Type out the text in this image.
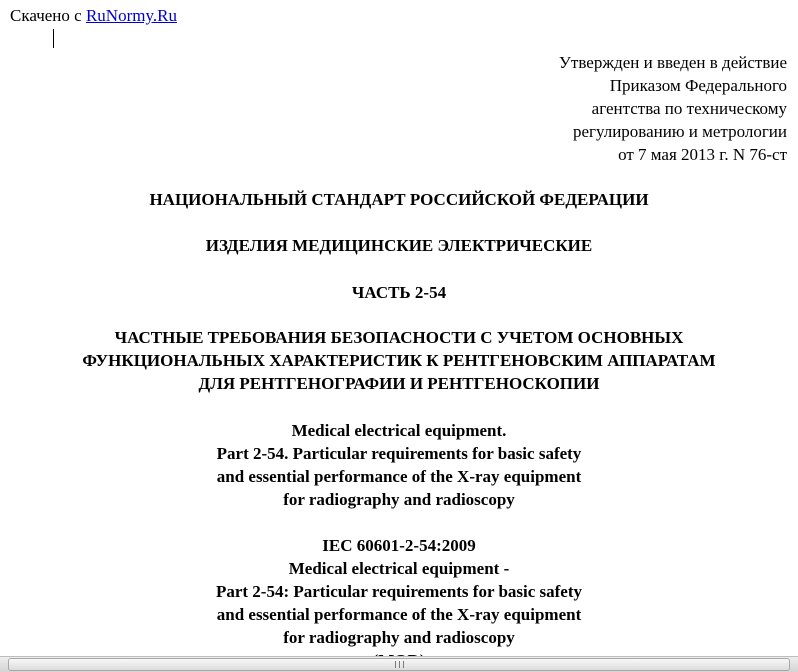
Скачено с RuNormy.Ru
Утвержден и введен в действие
Приказом Федерального
агентства по техническому
регулированию и метрологии
от 7 мая 2013 г. N 76-ст
НАЦИОНАЛЬНЫЙ СТАНДАРТ РОССИЙСКОЙ ФЕДЕРАЦИИ
ИЗДЕЛИЯ МЕДИЦИНСКИЕ ЭЛЕКТРИЧЕСКИЕ
ЧАСТЬ 2-54
ЧАСТНЫЕ ТРЕБОВАНИЯ БЕЗОПАСНОСТИ С УЧЕТОМ ОСНОВНЫХ
ФУНКЦИОНАЛЬНЫХ ХАРАКТЕРИСТИК К РЕНТГЕНОВСКИМ АППАРАТАМ
ДЛЯ РЕНТГЕНОГРАФИИ И РЕНТГЕНОСКОПИИ
Medical electrical equipment.
Part 2-54. Particular requirements for basic safety
and essential performance of the X-ray equipment
for radiography and radioscopy
IEC 60601-2-54:2009
Medical electrical equipment -
Part 2-54: Particular requirements for basic safety
and essential performance of the X-ray equipment
for radiography and radioscopy
